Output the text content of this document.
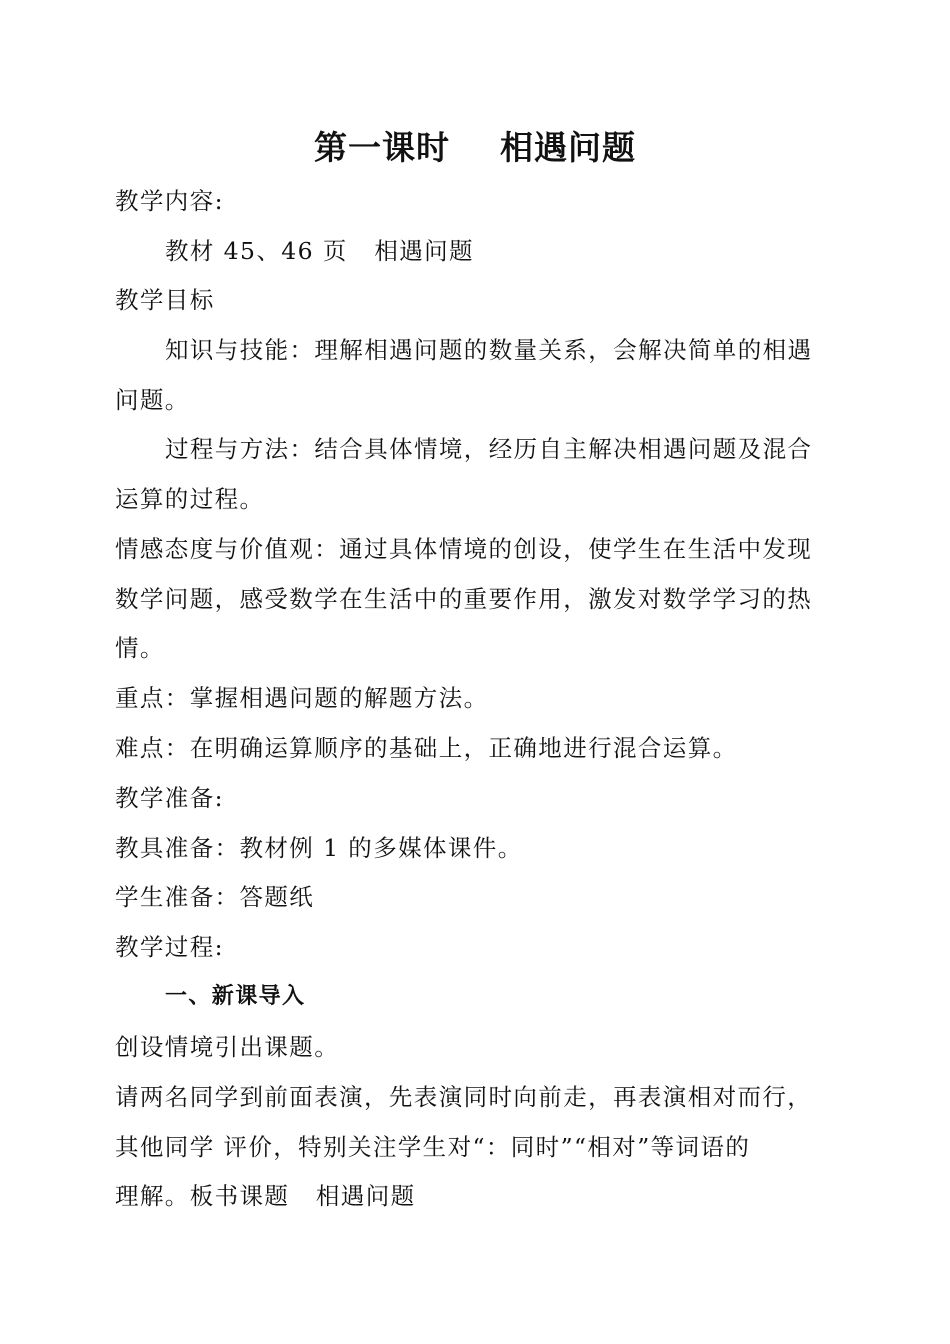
第一课时    相遇问题
教学内容:
教材 45、46 页   相遇问题
教学目标
知识与技能：理解相遇问题的数量关系，会解决简单的相遇
问题。
过程与方法：结合具体情境，经历自主解决相遇问题及混合
运算的过程。
情感态度与价值观：通过具体情境的创设，使学生在生活中发现
数学问题，感受数学在生活中的重要作用，激发对数学学习的热
情。
重点：掌握相遇问题的解题方法。
难点：在明确运算顺序的基础上，正确地进行混合运算。
教学准备:
教具准备：教材例 1 的多媒体课件。
学生准备：答题纸
教学过程:
一、新课导入
创设情境引出课题。
请两名同学到前面表演，先表演同时向前走，再表演相对而行，
其他同学 评价，特别关注学生对“：同时”“相对”等词语的
理解。板书课题   相遇问题
